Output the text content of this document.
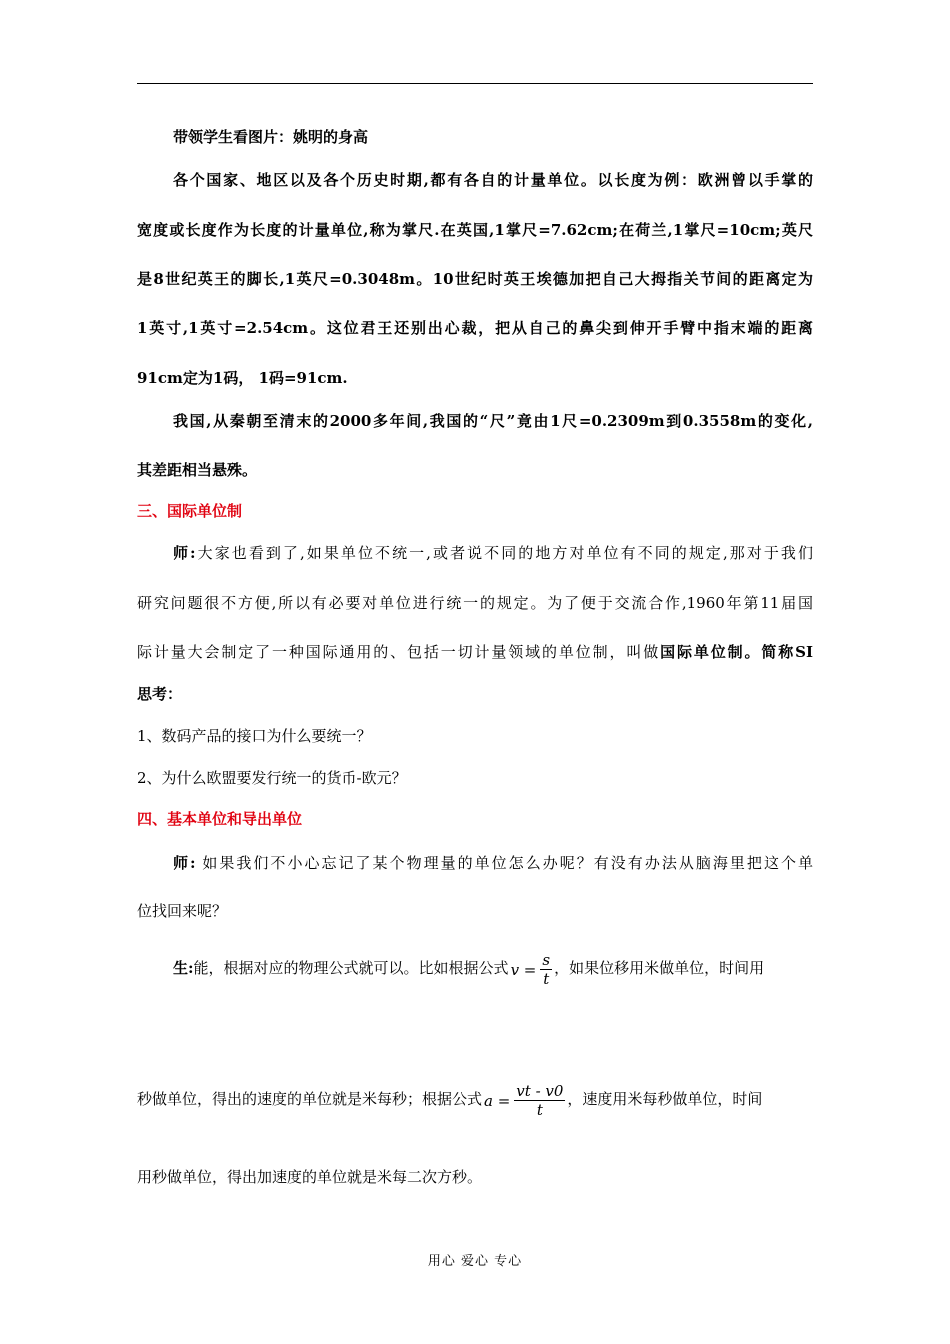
带领学生看图片：姚明的身高
各个国家、地区以及各个历史时期,都有各自的计量单位。以长度为例：欧洲曾以手掌的
宽度或长度作为长度的计量单位,称为掌尺.在英国,1掌尺=7.62cm;在荷兰,1掌尺=10cm;英尺
是8世纪英王的脚长,1英尺=0.3048m。10世纪时英王埃德加把自己大拇指关节间的距离定为
1英寸,1英寸=2.54cm。这位君王还别出心裁，把从自己的鼻尖到伸开手臂中指末端的距离
91cm定为1码， 1码=91cm.
我国,从秦朝至清末的2000多年间,我国的“尺”竟由1尺=0.2309m到0.3558m的变化,
其差距相当悬殊。
三、国际单位制
师:大家也看到了,如果单位不统一,或者说不同的地方对单位有不同的规定,那对于我们
研究问题很不方便,所以有必要对单位进行统一的规定。为了便于交流合作,1960年第11届国
际计量大会制定了一种国际通用的、包括一切计量领域的单位制，叫做国际单位制。简称SI
思考：
1、数码产品的接口为什么要统一？
2、为什么欧盟要发行统一的货币-欧元？
四、基本单位和导出单位
师: 如果我们不小心忘记了某个物理量的单位怎么办呢？有没有办法从脑海里把这个单
位找回来呢？
生:能，根据对应的物理公式就可以。比如根据公式 $v = \frac{s}{t}$ ，如果位移用米做单位，时间用
秒做单位，得出的速度的单位就是米每秒；根据公式 $a = \frac{vt - v0}{t}$ ，速度用米每秒做单位，时间
用秒做单位，得出加速度的单位就是米每二次方秒。
用心 爱心 专心
